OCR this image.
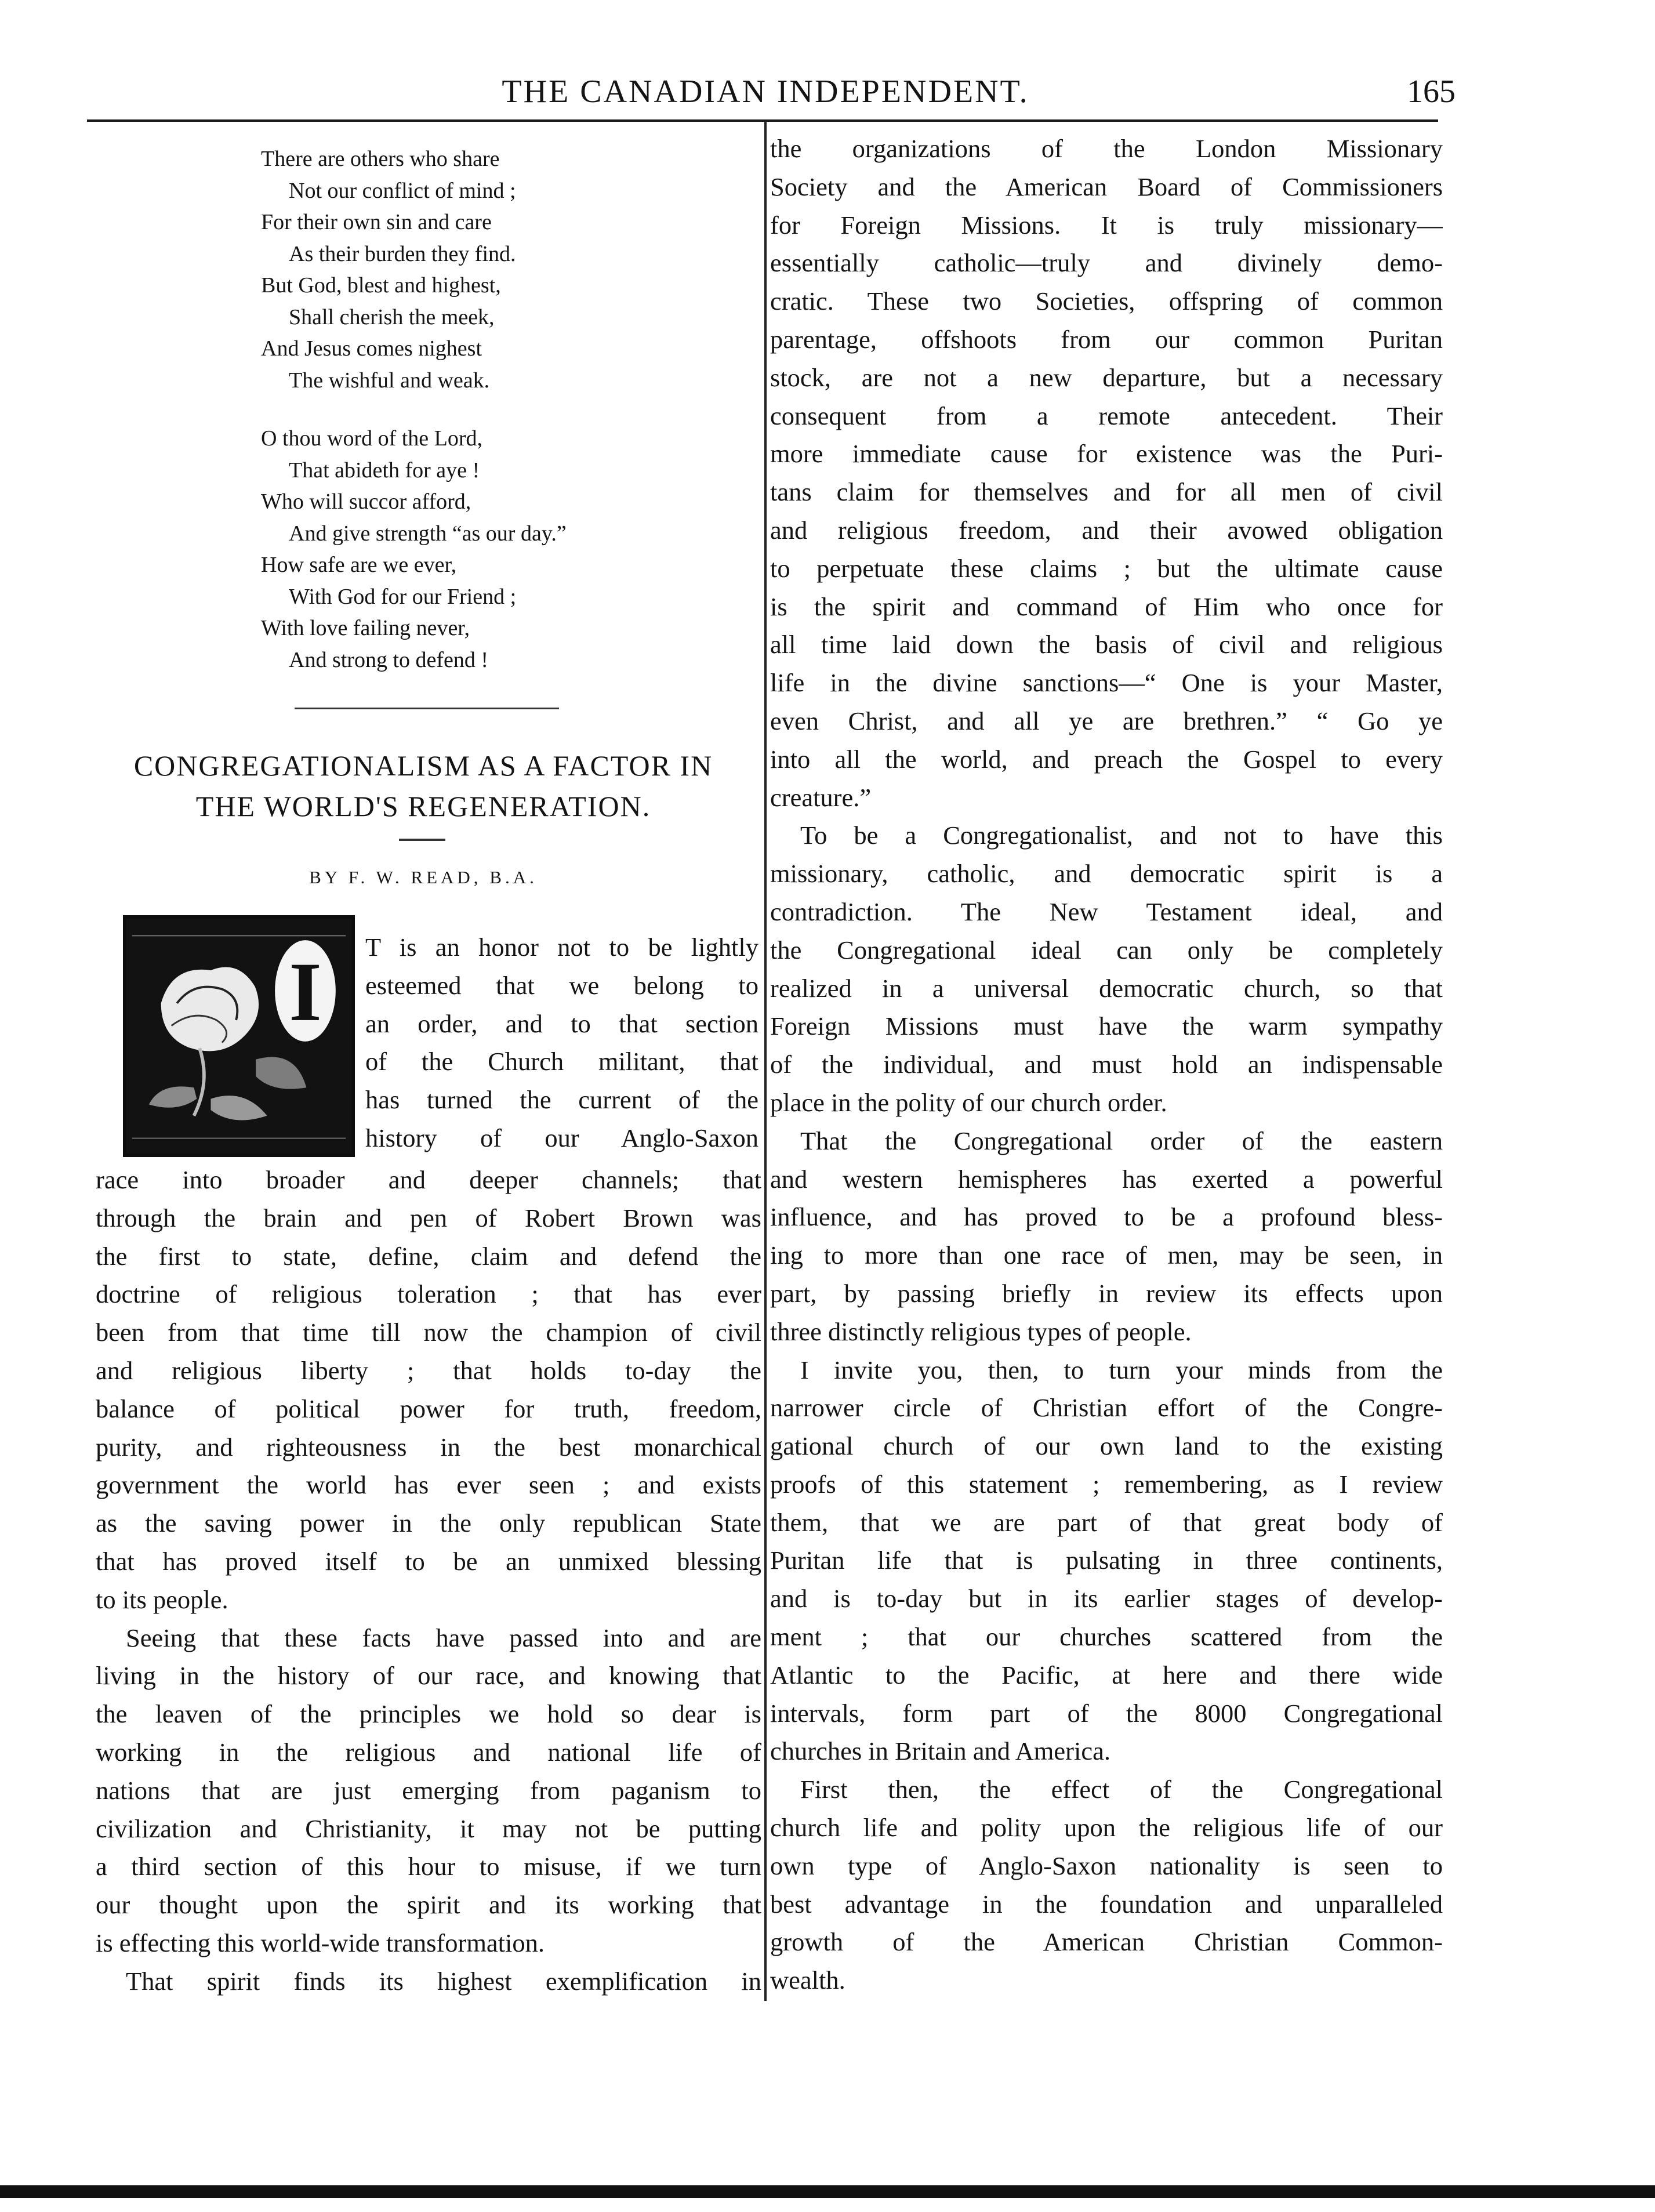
THE CANADIAN INDEPENDENT.	165
There are others who share
Not our conflict of mind ;
For their own sin and care
As their burden they find.
But God, blest and highest,
Shall cherish the meek,
And Jesus comes nighest
The wishful and weak.
O thou word of the Lord,
That abideth for aye !
Who will succor afford,
And give strength “as our day.”
How safe are we ever,
With God for our Friend ;
With love failing never,
And strong to defend !
CONGREGATIONALISM AS A FACTOR IN
THE WORLD'S REGENERATION.
BY F. W. READ, B.A.
I T is an honor not to be lightly
esteemed that we belong to
an order, and to that section
of the Church militant, that
has turned the current of the
history of our Anglo-Saxon
race into broader and deeper channels; that
through the brain and pen of Robert Brown was
the first to state, define, claim and defend the
doctrine of religious toleration ; that has ever
been from that time till now the champion of civil
and religious liberty ; that holds to-day the
balance of political power for truth, freedom,
purity, and righteousness in the best monarchical
government the world has ever seen ; and exists
as the saving power in the only republican State
that has proved itself to be an unmixed blessing
to its people.
Seeing that these facts have passed into and are
living in the history of our race, and knowing that
the leaven of the principles we hold so dear is
working in the religious and national life of
nations that are just emerging from paganism to
civilization and Christianity, it may not be putting
a third section of this hour to misuse, if we turn
our thought upon the spirit and its working that
is effecting this world-wide transformation.
That spirit finds its highest exemplification in
the organizations of the London Missionary
Society and the American Board of Commissioners
for Foreign Missions. It is truly missionary—
essentially catholic—truly and divinely demo-
cratic. These two Societies, offspring of common
parentage, offshoots from our common Puritan
stock, are not a new departure, but a necessary
consequent from a remote antecedent. Their
more immediate cause for existence was the Puri-
tans claim for themselves and for all men of civil
and religious freedom, and their avowed obligation
to perpetuate these claims ; but the ultimate cause
is the spirit and command of Him who once for
all time laid down the basis of civil and religious
life in the divine sanctions—“ One is your Master,
even Christ, and all ye are brethren.” “ Go ye
into all the world, and preach the Gospel to every
creature.”
To be a Congregationalist, and not to have this
missionary, catholic, and democratic spirit is a
contradiction. The New Testament ideal, and
the Congregational ideal can only be completely
realized in a universal democratic church, so that
Foreign Missions must have the warm sympathy
of the individual, and must hold an indispensable
place in the polity of our church order.
That the Congregational order of the eastern
and western hemispheres has exerted a powerful
influence, and has proved to be a profound bless-
ing to more than one race of men, may be seen, in
part, by passing briefly in review its effects upon
three distinctly religious types of people.
I invite you, then, to turn your minds from the
narrower circle of Christian effort of the Congre-
gational church of our own land to the existing
proofs of this statement ; remembering, as I review
them, that we are part of that great body of
Puritan life that is pulsating in three continents,
and is to-day but in its earlier stages of develop-
ment ; that our churches scattered from the
Atlantic to the Pacific, at here and there wide
intervals, form part of the 8000 Congregational
churches in Britain and America.
First then, the effect of the Congregational
church life and polity upon the religious life of our
own type of Anglo-Saxon nationality is seen to
best advantage in the foundation and unparalleled
growth of the American Christian Common-
wealth.
